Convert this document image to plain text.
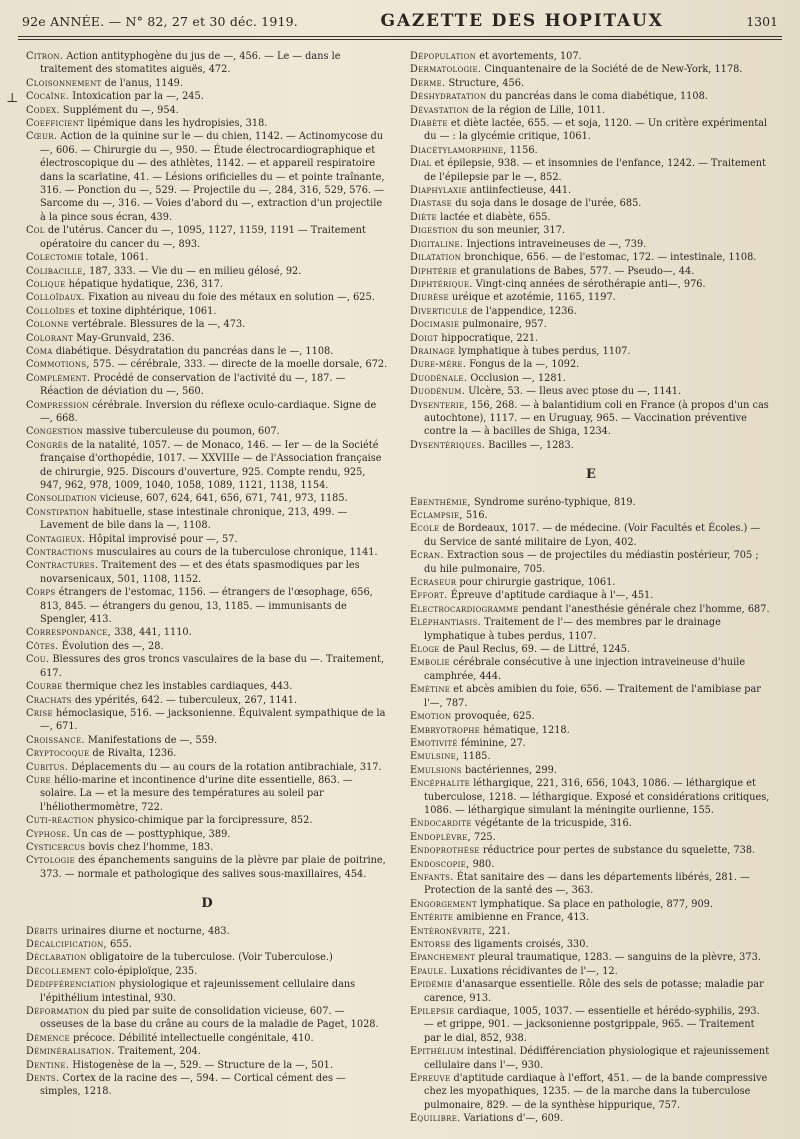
92e ANNÉE. — N° 82, 27 et 30 déc. 1919.	GAZETTE DES HOPITAUX	1301
⊥

Citron. Action antityphogène du jus de —, 456. — Le — dans le traitement des stomatites aiguës, 472.

Cloisonnement de l'anus, 1149.

Cocaïne. Intoxication par la —, 245.

Codex. Supplément du —, 954.

Coefficient lipémique dans les hydropisies, 318.

Cœur. Action de la quinine sur le — du chien, 1142. — Actinomycose du —, 606. — Chirurgie du —, 950. — Étude électrocardiographique et électroscopique du — des athlètes, 1142. — et appareil respiratoire dans la scarlatine, 41. — Lésions orificielles du — et pointe traînante, 316. — Ponction du —, 529. — Projectile du —, 284, 316, 529, 576. — Sarcome du —, 316. — Voies d'abord du —, extraction d'un projectile à la pince sous écran, 439.

Col de l'utérus. Cancer du —, 1095, 1127, 1159, 1191 — Traitement opératoire du cancer du —, 893.

Colectomie totale, 1061.

Colibacille, 187, 333. — Vie du — en milieu gélosé, 92.

Colique hépatique hydatique, 236, 317.

Colloïdaux. Fixation au niveau du foie des métaux en solution —, 625.

Colloïdes et toxine diphtérique, 1061.

Colonne vertébrale. Blessures de la —, 473.

Colorant May-Grunvald, 236.

Coma diabétique. Désydratation du pancréas dans le —, 1108.

Commotions, 575. — cérébrale, 333. — directe de la moelle dorsale, 672.

Complément. Procédé de conservation de l'activité du —, 187. — Réaction de déviation du —, 560.

Compression cérébrale. Inversion du réflexe oculo-cardiaque. Signe de —, 668.

Congestion massive tuberculeuse du poumon, 607.

Congrès de la natalité, 1057. — de Monaco, 146. — Ier — de la Société française d'orthopédie, 1017. — XXVIIIe — de l'Association française de chirurgie, 925. Discours d'ouverture, 925. Compte rendu, 925, 947, 962, 978, 1009, 1040, 1058, 1089, 1121, 1138, 1154.

Consolidation vicieuse, 607, 624, 641, 656, 671, 741, 973, 1185.

Constipation habituelle, stase intestinale chronique, 213, 499. — Lavement de bile dans la —, 1108.

Contagieux. Hôpital improvisé pour —, 57.

Contractions musculaires au cours de la tuberculose chronique, 1141.

Contractures. Traitement des — et des états spasmodiques par les novarsenicaux, 501, 1108, 1152.

Corps étrangers de l'estomac, 1156. — étrangers de l'œsophage, 656, 813, 845. — étrangers du genou, 13, 1185. — immunisants de Spengler, 413.

Correspondance, 338, 441, 1110.

Côtes. Évolution des —, 28.

Cou. Blessures des gros troncs vasculaires de la base du —. Traitement, 617.

Courbe thermique chez les instables cardiaques, 443.

Crachats des ypérités, 642. — tuberculeux, 267, 1141.

Crise hémoclasique, 516. — jacksonienne. Équivalent sympathique de la —, 671.

Croissance. Manifestations de —, 559.

Cryptocoque de Rivalta, 1236.

Cubitus. Déplacements du — au cours de la rotation antibrachiale, 317.

Cure hélio-marine et incontinence d'urine dite essentielle, 863. — solaire. La — et la mesure des températures au soleil par l'héliothermomètre, 722.

Cuti-réaction physico-chimique par la forcipressure, 852.

Cyphose. Un cas de — posttyphique, 389.

Cysticercus bovis chez l'homme, 183.

Cytologie des épanchements sanguins de la plèvre par plaie de poitrine, 373. — normale et pathologique des salives sous-maxillaires, 454.

D

Débits urinaires diurne et nocturne, 483.

Décalcification, 655.

Déclaration obligatoire de la tuberculose. (Voir Tuberculose.)

Décollement colo-épiploïque, 235.

Dédifférenciation physiologique et rajeunissement cellulaire dans l'épithélium intestinal, 930.

Déformation du pied par suite de consolidation vicieuse, 607. — osseuses de la base du crâne au cours de la maladie de Paget, 1028.

Démence précoce. Débilité intellectuelle congénitale, 410.

Déminéralisation. Traitement, 204.

Dentine. Histogenèse de la —, 529. — Structure de la —, 501.

Dents. Cortex de la racine des —, 594. — Cortical cément des — simples, 1218.

Dépopulation et avortements, 107.

Dermatologie. Cinquantenaire de la Société de de New-York, 1178.

Derme. Structure, 456.

Déshydratation du pancréas dans le coma diabétique, 1108.

Dévastation de la région de Lille, 1011.

Diabète et diète lactée, 655. — et soja, 1120. — Un critère expérimental du — : la glycémie critique, 1061.

Diacétylamorphine, 1156.

Dial et épilepsie, 938. — et insomnies de l'enfance, 1242. — Traitement de l'épilepsie par le —, 852.

Diaphylaxie antiinfectieuse, 441.

Diastase du soja dans le dosage de l'urée, 685.

Diète lactée et diabète, 655.

Digestion du son meunier, 317.

Digitaline. Injections intraveineuses de —, 739.

Dilatation bronchique, 656. — de l'estomac, 172. — intestinale, 1108.

Diphtérie et granulations de Babes, 577. — Pseudo—, 44.

Diphtérique. Vingt-cinq années de sérothérapie anti—, 976.

Diurèse uréique et azotémie, 1165, 1197.

Diverticule de l'appendice, 1236.

Docimasie pulmonaire, 957.

Doigt hippocratique, 221.

Drainage lymphatique à tubes perdus, 1107.

Dure-mère. Fongus de la —, 1092.

Duodénale. Occlusion —, 1281.

Duodénum. Ulcère, 53. — Ileus avec ptose du —, 1141.

Dysenterie, 156, 268. — à balantidium coli en France (à propos d'un cas autochtone), 1117. — en Uruguay, 965. — Vaccination préventive contre la — à bacilles de Shiga, 1234.

Dysentériques. Bacilles —, 1283.

E

Ebenthémie, Syndrome suréno-typhique, 819.

Eclampsie, 516.

Ecole de Bordeaux, 1017. — de médecine. (Voir Facultés et Écoles.) — du Service de santé militaire de Lyon, 402.

Ecran. Extraction sous — de projectiles du médiastin postérieur, 705 ; du hile pulmonaire, 705.

Ecraseur pour chirurgie gastrique, 1061.

Effort. Épreuve d'aptitude cardiaque à l'—, 451.

Electrocardiogramme pendant l'anesthésie générale chez l'homme, 687.

Eléphantiasis. Traitement de l'— des membres par le drainage lymphatique à tubes perdus, 1107.

Eloge de Paul Reclus, 69. — de Littré, 1245.

Embolie cérébrale consécutive à une injection intraveineuse d'huile camphrée, 444.

Emétine et abcès amibien du foie, 656. — Traitement de l'amibiase par l'—, 787.

Emotion provoquée, 625.

Embryotrophe hématique, 1218.

Emotivité féminine, 27.

Emulsine, 1185.

Emulsions bactériennes, 299.

Encéphalite léthargique, 221, 316, 656, 1043, 1086. — léthargique et tuberculose, 1218. — léthargique. Exposé et considérations critiques, 1086. — léthargique simulant la méningite ourlienne, 155.

Endocardite végétante de la tricuspide, 316.

Endoplèvre, 725.

Endoprothèse réductrice pour pertes de substance du squelette, 738.

Endoscopie, 980.

Enfants. État sanitaire des — dans les départements libérés, 281. — Protection de la santé des —, 363.

Engorgement lymphatique. Sa place en pathologie, 877, 909.

Entérite amibienne en France, 413.

Entéronévrite, 221.

Entorse des ligaments croisés, 330.

Epanchement pleural traumatique, 1283. — sanguins de la plèvre, 373.

Epaule. Luxations récidivantes de l'—, 12.

Epidémie d'anasarque essentielle. Rôle des sels de potasse; maladie par carence, 913.

Epilepsie cardiaque, 1005, 1037. — essentielle et hérédo-syphilis, 293. — et grippe, 901. — jacksonienne postgrippale, 965. — Traitement par le dial, 852, 938.

Epithélium intestinal. Dédifférenciation physiologique et rajeunissement cellulaire dans l'—, 930.

Epreuve d'aptitude cardiaque à l'effort, 451. — de la bande compressive chez les myopathiques, 1235. — de la marche dans la tuberculose pulmonaire, 829. — de la synthèse hippurique, 757.

Equilibre. Variations d'—, 609.
